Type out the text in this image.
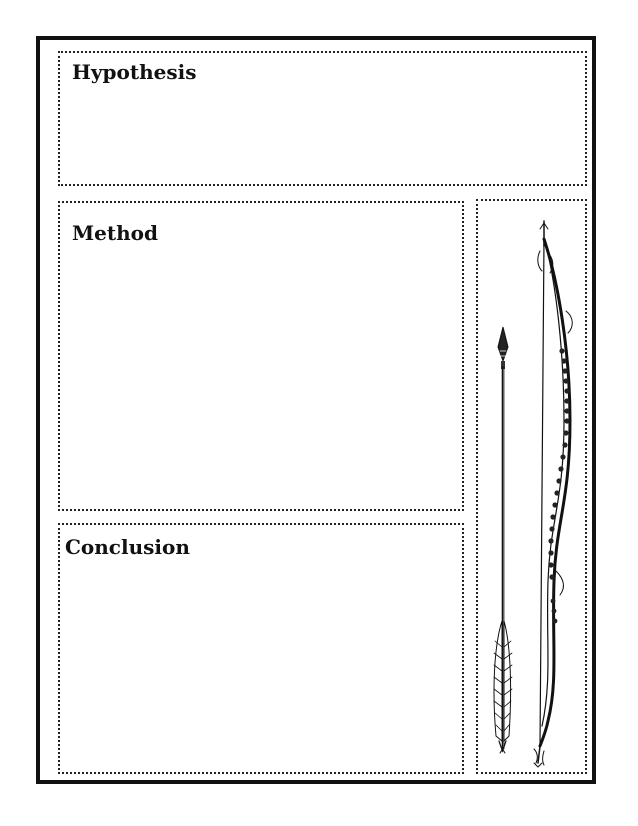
Hypothesis
Method
Conclusion
